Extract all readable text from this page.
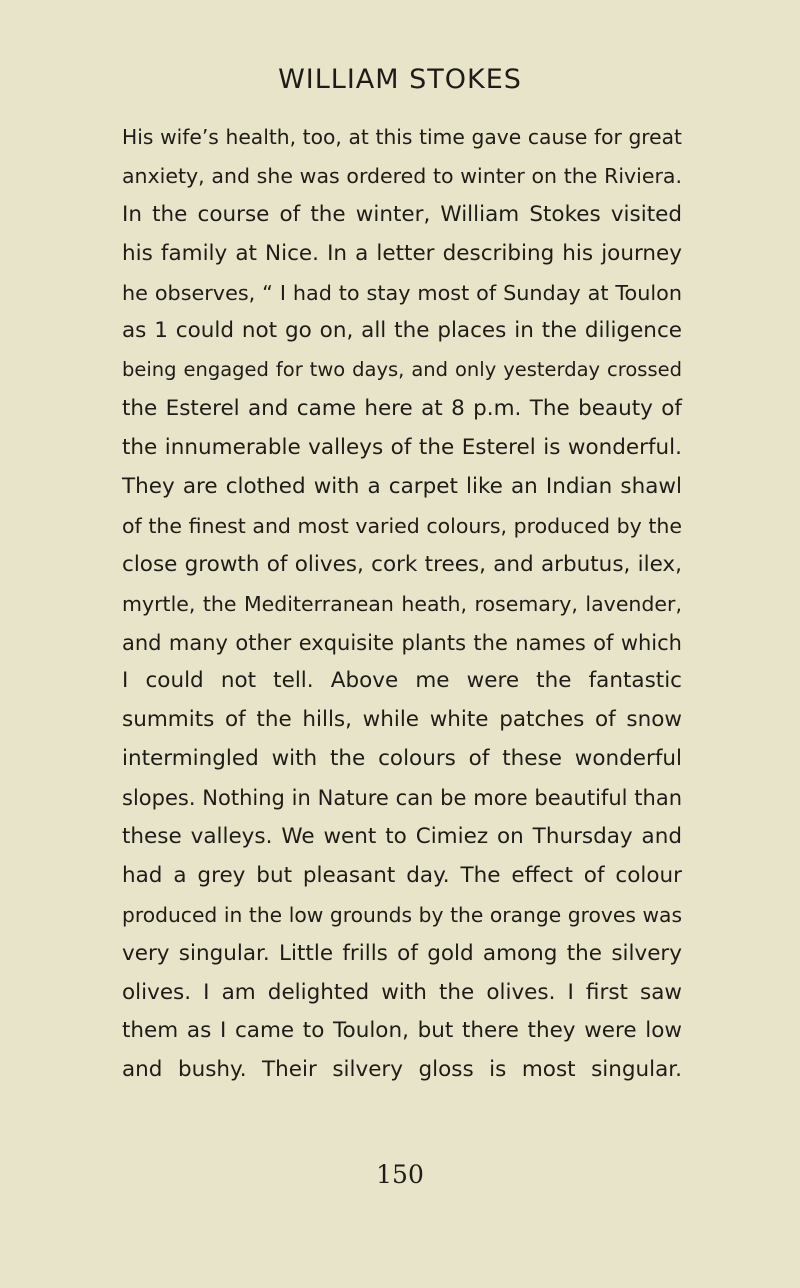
WILLIAM STOKES
His wife’s health, too, at this time gave cause for great
anxiety, and she was ordered to winter on the Riviera.
In the course of the winter, William Stokes visited
his family at Nice. In a letter describing his journey
he observes, “ I had to stay most of Sunday at Toulon
as 1 could not go on, all the places in the diligence
being engaged for two days, and only yesterday crossed
the Esterel and came here at 8 p.m. The beauty of
the innumerable valleys of the Esterel is wonderful.
They are clothed with a carpet like an Indian shawl
of the finest and most varied colours, produced by the
close growth of olives, cork trees, and arbutus, ilex,
myrtle, the Mediterranean heath, rosemary, lavender,
and many other exquisite plants the names of which
I could not tell. Above me were the fantastic
summits of the hills, while white patches of snow
intermingled with the colours of these wonderful
slopes. Nothing in Nature can be more beautiful than
these valleys. We went to Cimiez on Thursday and
had a grey but pleasant day. The effect of colour
produced in the low grounds by the orange groves was
very singular. Little frills of gold among the silvery
olives. I am delighted with the olives. I first saw
them as I came to Toulon, but there they were low
and bushy. Their silvery gloss is most singular.
150
